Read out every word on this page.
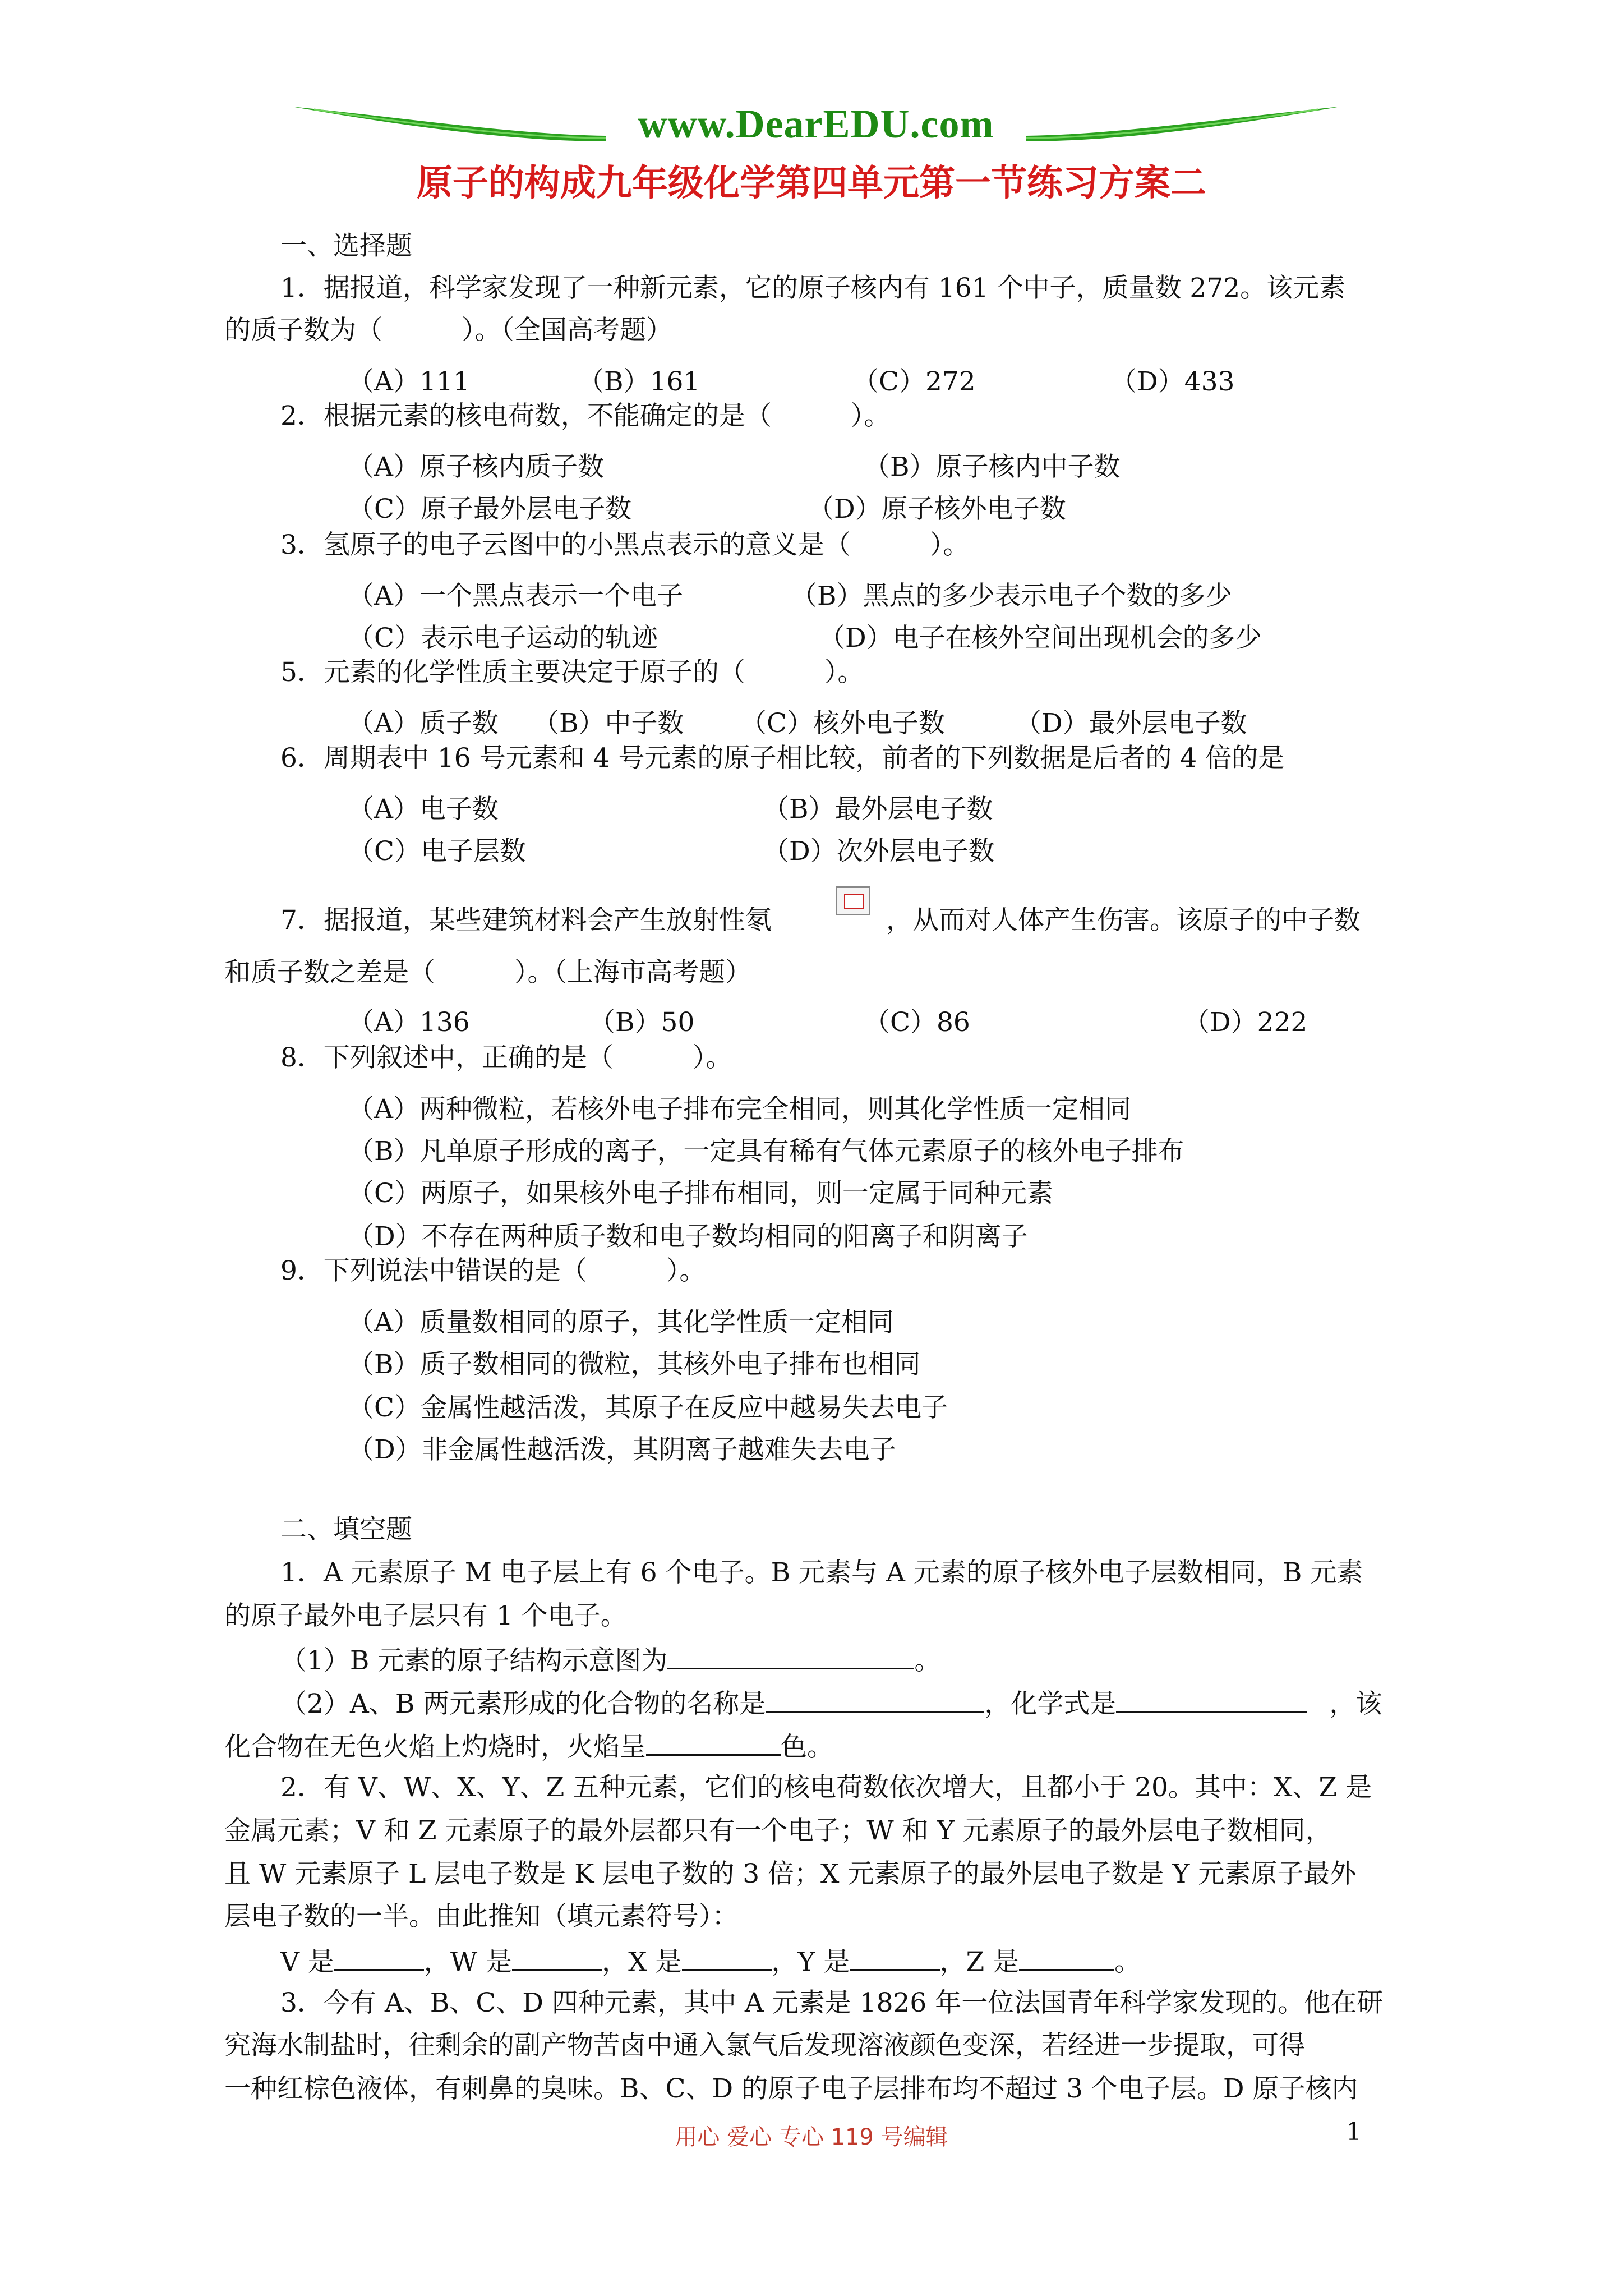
www.DearEDU.com
原子的构成九年级化学第四单元第一节练习方案二
一、选择题
1．据报道，科学家发现了一种新元素，它的原子核内有 161 个中子，质量数 272。该元素
的质子数为（　　　）。（全国高考题）
（A）111	（B）161	（C）272	（D）433
2．根据元素的核电荷数，不能确定的是（　　　）。
（A）原子核内质子数	（B）原子核内中子数
（C）原子最外层电子数	（D）原子核外电子数
3．氢原子的电子云图中的小黑点表示的意义是（　　　）。
（A）一个黑点表示一个电子	（B）黑点的多少表示电子个数的多少
（C）表示电子运动的轨迹	（D）电子在核外空间出现机会的多少
5．元素的化学性质主要决定于原子的（　　　）。
（A）质子数 （B）中子数 （C）核外电子数	（D）最外层电子数
6．周期表中 16 号元素和 4 号元素的原子相比较，前者的下列数据是后者的 4 倍的是
（A）电子数	（B）最外层电子数
（C）电子层数	（D）次外层电子数
7．据报道，某些建筑材料会产生放射性氡	，从而对人体产生伤害。该原子的中子数
和质子数之差是（　　　）。（上海市高考题）
（A）136	（B）50	（C）86	（D）222
8．下列叙述中，正确的是（　　　）。
（A）两种微粒，若核外电子排布完全相同，则其化学性质一定相同
（B）凡单原子形成的离子，一定具有稀有气体元素原子的核外电子排布
（C）两原子，如果核外电子排布相同，则一定属于同种元素
（D）不存在两种质子数和电子数均相同的阳离子和阴离子
9．下列说法中错误的是（　　　）。
（A）质量数相同的原子，其化学性质一定相同
（B）质子数相同的微粒，其核外电子排布也相同
（C）金属性越活泼，其原子在反应中越易失去电子
（D）非金属性越活泼，其阴离子越难失去电子
二、填空题
1．A 元素原子 M 电子层上有 6 个电子。B 元素与 A 元素的原子核外电子层数相同，B 元素
的原子最外电子层只有 1 个电子。
（1）B 元素的原子结构示意图为	。
（2）A、B 两元素形成的化合物的名称是	，化学式是	，该
化合物在无色火焰上灼烧时，火焰呈	色。
2．有 V、W、X、Y、Z 五种元素，它们的核电荷数依次增大，且都小于 20。其中：X、Z 是
金属元素；V 和 Z 元素原子的最外层都只有一个电子；W 和 Y 元素原子的最外层电子数相同，
且 W 元素原子 L 层电子数是 K 层电子数的 3 倍；X 元素原子的最外层电子数是 Y 元素原子最外
层电子数的一半。由此推知（填元素符号）：
V 是	，W 是	，X 是	，Y 是	，Z 是	。
3．今有 A、B、C、D 四种元素，其中 A 元素是 1826 年一位法国青年科学家发现的。他在研
究海水制盐时，往剩余的副产物苦卤中通入氯气后发现溶液颜色变深，若经进一步提取，可得
一种红棕色液体，有刺鼻的臭味。B、C、D 的原子电子层排布均不超过 3 个电子层。D 原子核内
用心 爱心 专心 119 号编辑	1
